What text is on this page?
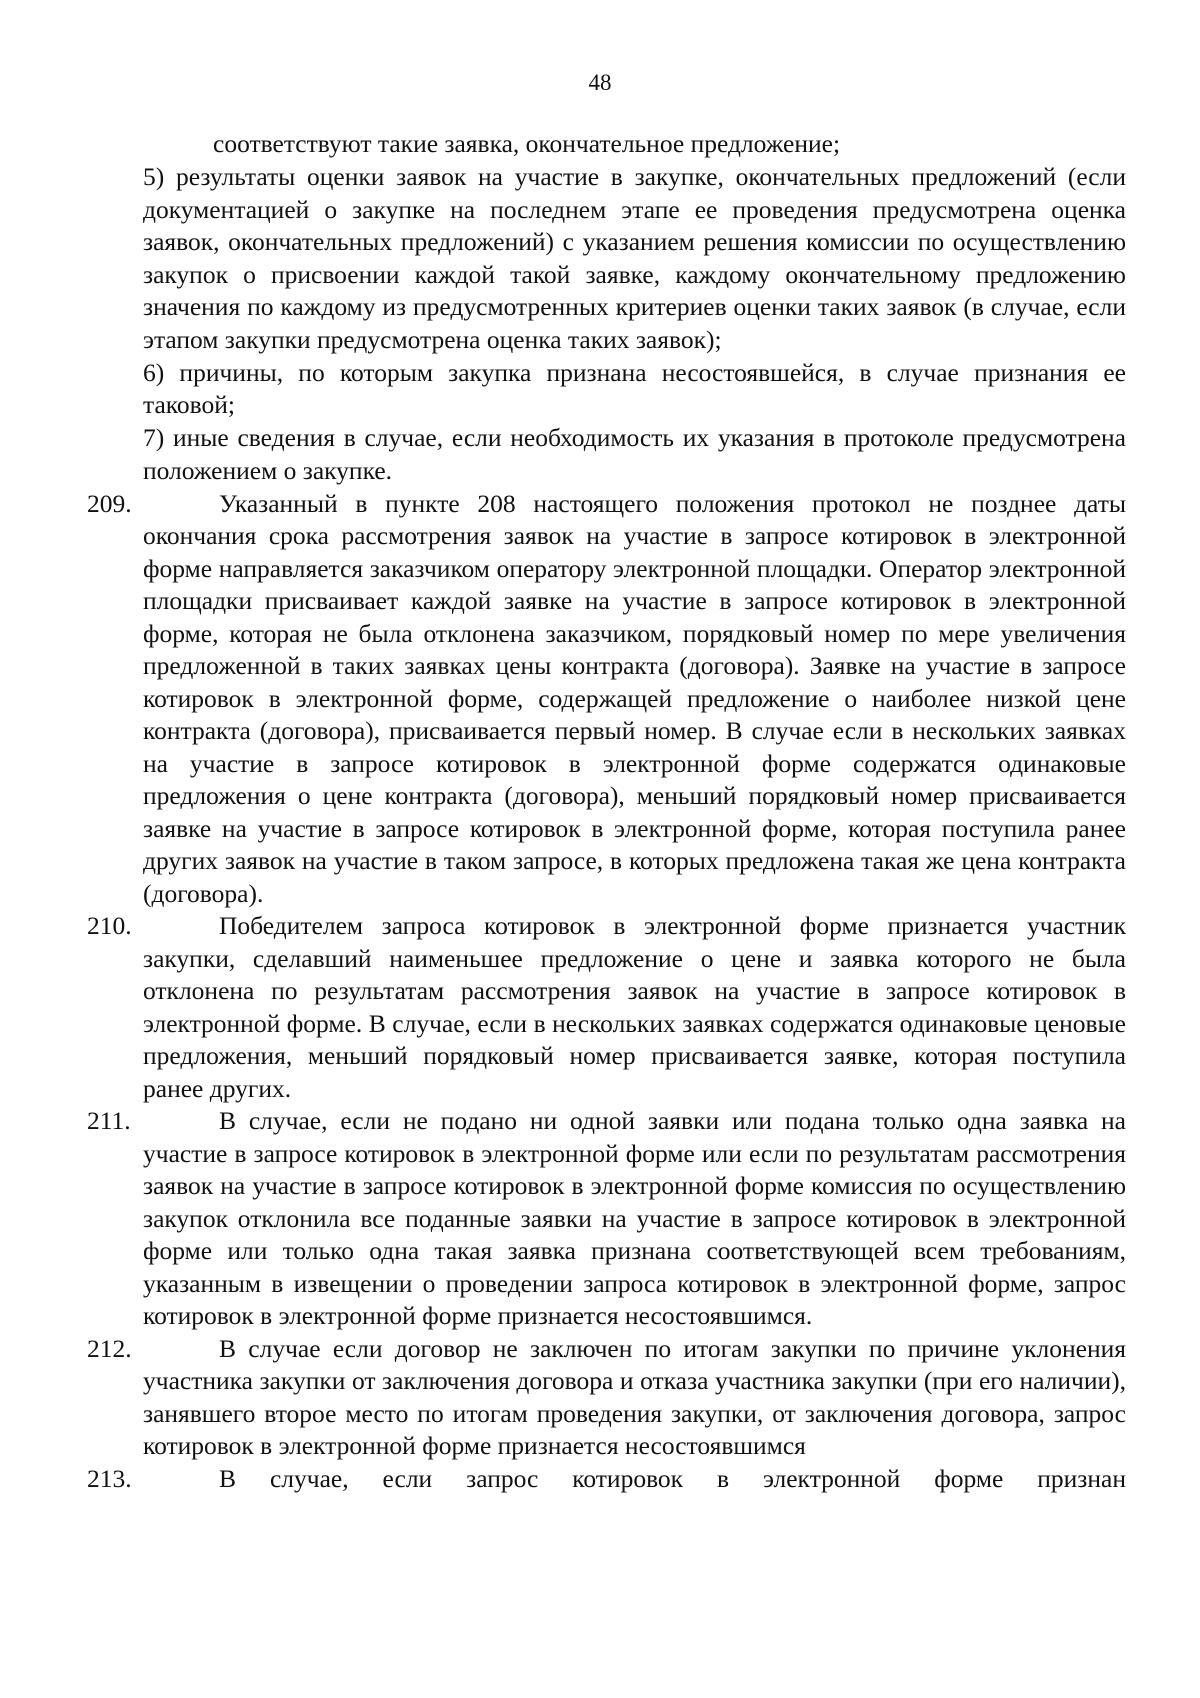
48

соответствуют такие заявка, окончательное предложение;

5) результаты оценки заявок на участие в закупке, окончательных предложений (если документацией о закупке на последнем этапе ее проведения предусмотрена оценка заявок, окончательных предложений) с указанием решения комиссии по осуществлению закупок о присвоении каждой такой заявке, каждому окончательному предложению значения по каждому из предусмотренных критериев оценки таких заявок (в случае, если этапом закупки предусмотрена оценка таких заявок);

6) причины, по которым закупка признана несостоявшейся, в случае признания ее таковой;

7) иные сведения в случае, если необходимость их указания в протоколе предусмотрена положением о закупке.

209.	Указанный в пункте 208 настоящего положения протокол не позднее даты окончания срока рассмотрения заявок на участие в запросе котировок в электронной форме направляется заказчиком оператору электронной площадки. Оператор электронной площадки присваивает каждой заявке на участие в запросе котировок в электронной форме, которая не была отклонена заказчиком, порядковый номер по мере увеличения предложенной в таких заявках цены контракта (договора). Заявке на участие в запросе котировок в электронной форме, содержащей предложение о наиболее низкой цене контракта (договора), присваивается первый номер. В случае если в нескольких заявках на участие в запросе котировок в электронной форме содержатся одинаковые предложения о цене контракта (договора), меньший порядковый номер присваивается заявке на участие в запросе котировок в электронной форме, которая поступила ранее других заявок на участие в таком запросе, в которых предложена такая же цена контракта (договора).
210.	Победителем запроса котировок в электронной форме признается участник закупки, сделавший наименьшее предложение о цене и заявка которого не была отклонена по результатам рассмотрения заявок на участие в запросе котировок в электронной форме. В случае, если в нескольких заявках содержатся одинаковые ценовые предложения, меньший порядковый номер присваивается заявке, которая поступила ранее других.
211.	В случае, если не подано ни одной заявки или подана только одна заявка на участие в запросе котировок в электронной форме или если по результатам рассмотрения заявок на участие в запросе котировок в электронной форме комиссия по осуществлению закупок отклонила все поданные заявки на участие в запросе котировок в электронной форме или только одна такая заявка признана соответствующей всем требованиям, указанным в извещении о проведении запроса котировок в электронной форме, запрос котировок в электронной форме признается несостоявшимся.
212.	В случае если договор не заключен по итогам закупки по причине уклонения участника закупки от заключения договора и отказа участника закупки (при его наличии), занявшего второе место по итогам проведения закупки, от заключения договора, запрос котировок в электронной форме признается несостоявшимся
213.	В случае, если запрос котировок в электронной форме признан
